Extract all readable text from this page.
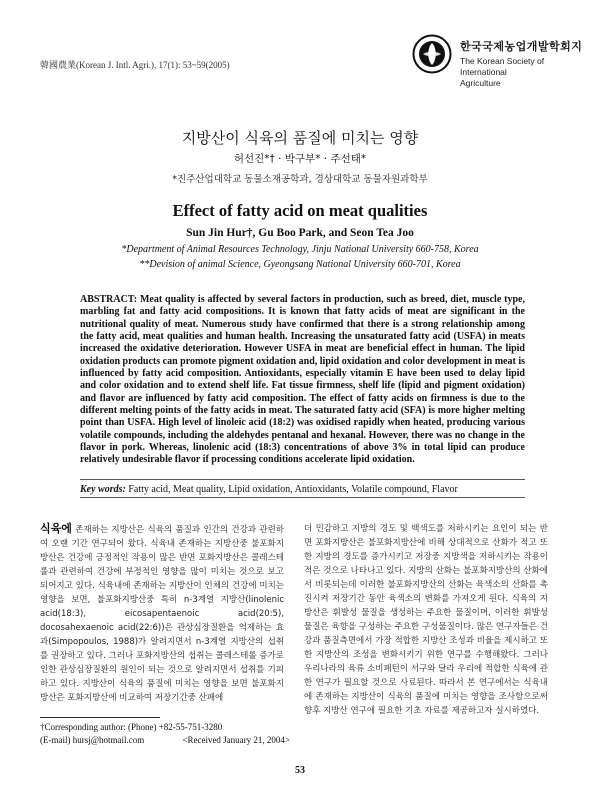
韓國農業(Korean J. Intl. Agri.), 17(1): 53~59(2005)
한국국제농업개발학회지
The Korean Society of International
Agriculture
지방산이 식육의 품질에 미치는 영향
허선진*† · 박구부* · 주선태*
*진주산업대학교 동물소재공학과, 경상대학교 동물자원과학부
Effect of fatty acid on meat qualities
Sun Jin Hur†, Gu Boo Park, and Seon Tea Joo
*Department of Animal Resources Technology, Jinju National University 660-758, Korea
**Devision of animal Science, Gyeongsang National University 660-701, Korea
ABSTRACT: Meat quality is affected by several factors in production, such as breed, diet, muscle type, marbling fat and fatty acid compositions. It is known that fatty acids of meat are significant in the nutritional quality of meat. Numerous study have confirmed that there is a strong relationship among the fatty acid, meat qualities and human health. Increasing the unsaturated fatty acid (USFA) in meats increased the oxidative deterioration. However USFA in meat are beneficial effect in human. The lipid oxidation products can promote pigment oxidation and, lipid oxidation and color development in meat is influenced by fatty acid composition. Antioxidants, especially vitamin E have been used to delay lipid and color oxidation and to extend shelf life. Fat tissue firmness, shelf life (lipid and pigment oxidation) and flavor are influenced by fatty acid composition. The effect of fatty acids on firmness is due to the different melting points of the fatty acids in meat. The saturated fatty acid (SFA) is more higher melting point than USFA. High level of linoleic acid (18:2) was oxidised rapidly when heated, producing various volatile compounds, including the aldehydes pentanal and hexanal. However, there was no change in the flavor in pork. Whereas, linolenic acid (18:3) concentrations of above 3% in total lipid can produce relatively undesirable flavor if processing conditions accelerate lipid oxidation.
Key words: Fatty acid, Meat quality, Lipid oxidation, Antioxidants, Volatile compound, Flavor
식육에 존재하는 지방산은 식육의 품질과 인간의 건강과 관련하여 오랜 기간 연구되어 왔다. 식육내 존재하는 지방산중 불포화지방산은 건강에 긍정적인 작용이 많은 반면 포화지방산은 콜레스테롤과 관련하여 건강에 부정적인 영향을 많이 미치는 것으로 보고 되어지고 있다. 식육내에 존재하는 지방산이 인체의 건강에 미치는 영향을 보면, 불포화지방산중 특히 n-3계열 지방산(linolenic acid(18:3), eicosapentaenoic acid(20:5), docosahexaenoic acid(22:6))은 관상심장질환을 억제하는 효과(Simpopoulos, 1988)가 알려지면서 n-3계열 지방산의 섭취를 권장하고 있다. 그러나 포화지방산의 섭취는 콜레스테롤 증가로 인한 관상심장질환의 원인이 되는 것으로 알려지면서 섭취를 기피하고 있다. 지방산이 식육의 품질에 미치는 영향을 보면 불포화지방산은 포화지방산에 비교하여 저장기간중 산패에
더 민감하고 지방의 경도 및 백색도를 저하시키는 요인이 되는 반면 포화지방산은 불포화지방산에 비해 상대적으로 산화가 적고 또한 지방의 경도를 증가시키고 저장중 지방색을 저하시키는 작용이 적은 것으로 나타나고 있다. 지방의 산화는 불포화지방산의 산화에서 비롯되는데 이러한 불포화지방산의 산화는 육색소의 산화를 촉진시켜 저장기간 동안 육색소의 변화를 가져오게 된다. 식육의 지방산은 휘발성 물질을 생성하는 주요한 물질이며, 이러한 휘발성 물질은 육향을 구성하는 주요한 구성물질이다. 많은 연구자들은 건강과 품질측면에서 가장 적합한 지방산 조성과 비율을 제시하고 또한 지방산의 조성을 변화시키기 위한 연구를 수행해왔다. 그러나 우리나라의 육류 소비패턴이 서구와 달라 우리에 적합한 식육에 관한 연구가 필요할 것으로 사료된다. 따라서 본 연구에서는 식육내에 존재하는 지방산이 식육의 품질에 미치는 영향을 조사함으로써 향후 지방산 연구에 필요한 기초 자료를 제공하고자 실시하였다.
†Corresponding author: (Phone) +82-55-751-3280
(E-mail) hursj@hotmail.com	<Received January 21, 2004>
53
